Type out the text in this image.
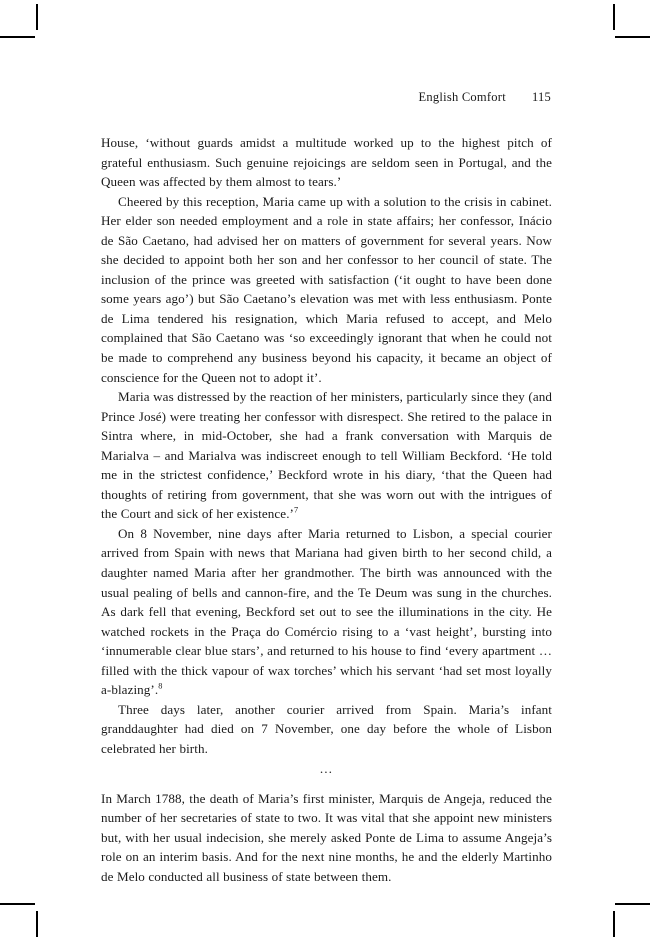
English Comfort 115

House, ‘without guards amidst a multitude worked up to the highest pitch of grateful enthusiasm. Such genuine rejoicings are seldom seen in Portugal, and the Queen was affected by them almost to tears.’

Cheered by this reception, Maria came up with a solution to the crisis in cabinet. Her elder son needed employment and a role in state affairs; her confessor, Inácio de São Caetano, had advised her on matters of government for several years. Now she decided to appoint both her son and her confessor to her council of state. The inclusion of the prince was greeted with satisfaction (‘it ought to have been done some years ago’) but São Caetano’s elevation was met with less enthusiasm. Ponte de Lima tendered his resignation, which Maria refused to accept, and Melo complained that São Caetano was ‘so exceedingly ignorant that when he could not be made to comprehend any business beyond his capacity, it became an object of conscience for the Queen not to adopt it’.

Maria was distressed by the reaction of her ministers, particularly since they (and Prince José) were treating her confessor with disrespect. She retired to the palace in Sintra where, in mid-October, she had a frank conversation with Marquis de Marialva – and Marialva was indiscreet enough to tell William Beckford. ‘He told me in the strictest confidence,’ Beckford wrote in his diary, ‘that the Queen had thoughts of retiring from government, that she was worn out with the intrigues of the Court and sick of her existence.’$^7$

On 8 November, nine days after Maria returned to Lisbon, a special courier arrived from Spain with news that Mariana had given birth to her second child, a daughter named Maria after her grandmother. The birth was announced with the usual pealing of bells and cannon-fire, and the Te Deum was sung in the churches. As dark fell that evening, Beckford set out to see the illuminations in the city. He watched rockets in the Praça do Comércio rising to a ‘vast height’, bursting into ‘innumerable clear blue stars’, and returned to his house to find ‘every apartment … filled with the thick vapour of wax torches’ which his servant ‘had set most loyally a-blazing’.$^8$

Three days later, another courier arrived from Spain. Maria’s infant granddaughter had died on 7 November, one day before the whole of Lisbon celebrated her birth.

…

In March 1788, the death of Maria’s first minister, Marquis de Angeja, reduced the number of her secretaries of state to two. It was vital that she appoint new ministers but, with her usual indecision, she merely asked Ponte de Lima to assume Angeja’s role on an interim basis. And for the next nine months, he and the elderly Martinho de Melo conducted all business of state between them.
